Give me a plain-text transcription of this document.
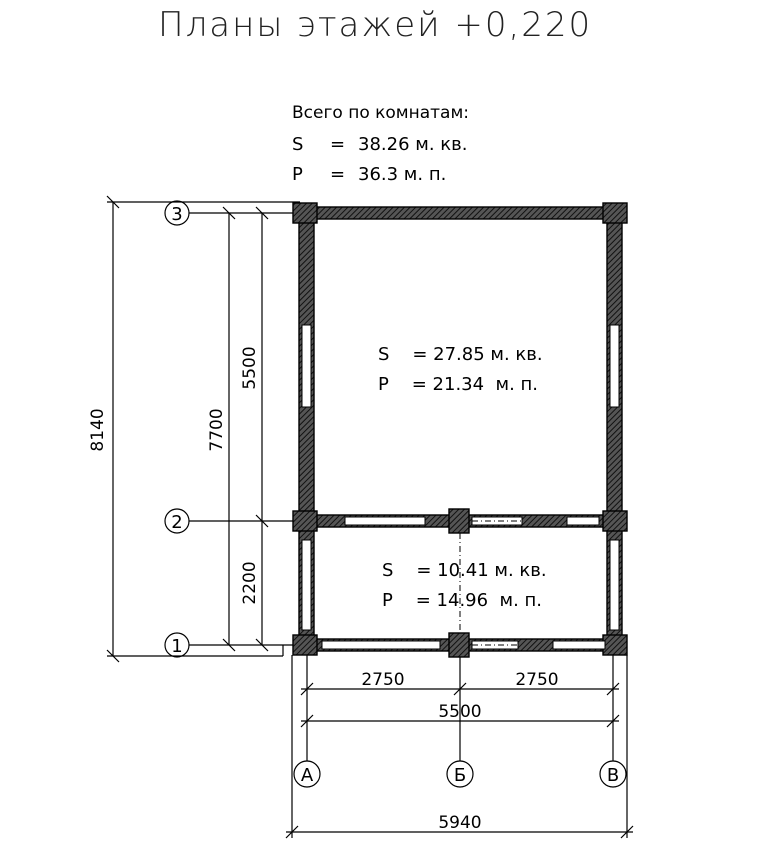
Планы этажей +0,220
Всего по комнатам:
S = 38.26 м. кв.
P = 36.3 м. п.
8140	7700
5500
2200
3
2
1
S    = 27.85 м. кв.
P    = 21.34  м. п.
S    = 10.41 м. кв.
P    = 14.96  м. п.
2750	2750
5500
5940
А	Б	В
